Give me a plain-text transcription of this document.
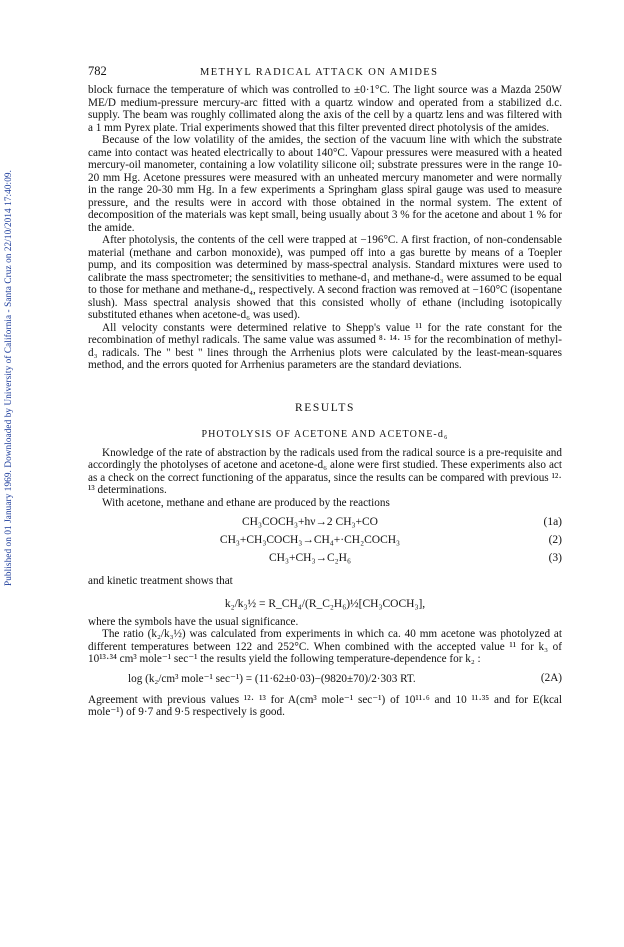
Published on 01 January 1969. Downloaded by University of California - Santa Cruz on 22/10/2014 17:40:09.
782	METHYL RADICAL ATTACK ON AMIDES

block furnace the temperature of which was controlled to ±0·1°C. The light source was a Mazda 250W ME/D medium-pressure mercury-arc fitted with a quartz window and operated from a stabilized d.c. supply. The beam was roughly collimated along the axis of the cell by a quartz lens and was filtered with a 1 mm Pyrex plate. Trial experiments showed that this filter prevented direct photolysis of the amides.

Because of the low volatility of the amides, the section of the vacuum line with which the substrate came into contact was heated electrically to about 140°C. Vapour pressures were measured with a heated mercury-oil manometer, containing a low volatility silicone oil; substrate pressures were in the range 10-20 mm Hg. Acetone pressures were measured with an unheated mercury manometer and were normally in the range 20-30 mm Hg. In a few experiments a Springham glass spiral gauge was used to measure pressure, and the results were in accord with those obtained in the normal system. The extent of decomposition of the materials was kept small, being usually about 3 % for the acetone and about 1 % for the amide.

After photolysis, the contents of the cell were trapped at −196°C. A first fraction, of non-condensable material (methane and carbon monoxide), was pumped off into a gas burette by means of a Toepler pump, and its composition was determined by mass-spectral analysis. Standard mixtures were used to calibrate the mass spectrometer; the sensitivities to methane-d₁ and methane-d₃ were assumed to be equal to those for methane and methane-d₄, respectively. A second fraction was removed at −160°C (isopentane slush). Mass spectral analysis showed that this consisted wholly of ethane (including isotopically substituted ethanes when acetone-d₆ was used).

All velocity constants were determined relative to Shepp's value ¹¹ for the rate constant for the recombination of methyl radicals. The same value was assumed ⁸· ¹⁴· ¹⁵ for the recombination of methyl-d₃ radicals. The " best " lines through the Arrhenius plots were calculated by the least-mean-squares method, and the errors quoted for Arrhenius parameters are the standard deviations.

RESULTS
PHOTOLYSIS OF ACETONE AND ACETONE-d₆

Knowledge of the rate of abstraction by the radicals used from the radical source is a pre-requisite and accordingly the photolyses of acetone and acetone-d₆ alone were first studied. These experiments also act as a check on the correct functioning of the apparatus, since the results can be compared with previous ¹²· ¹³ determinations.

With acetone, methane and ethane are produced by the reactions

CH₃COCH₃+hν→2 CH₃+CO	(1a)
CH₃+CH₃COCH₃→CH₄+·CH₂COCH₃	(2)
CH₃+CH₃→C₂H₆	(3)

and kinetic treatment shows that

k₂/k₃½ = R_CH₄/(R_C₂H₆)½[CH₃COCH₃],

where the symbols have the usual significance.

The ratio (k₂/k₃½) was calculated from experiments in which ca. 40 mm acetone was photolyzed at different temperatures between 122 and 252°C. When combined with the accepted value ¹¹ for k₃ of 10¹³·³⁴ cm³ mole⁻¹ sec⁻¹ the results yield the following temperature-dependence for k₂ :

log (k₂/cm³ mole⁻¹ sec⁻¹) = (11·62±0·03)−(9820±70)/2·303 RT.	(2A)

Agreement with previous values ¹²· ¹³ for A(cm³ mole⁻¹ sec⁻¹) of 10¹¹·⁶ and 10 ¹¹·³⁵ and for E(kcal mole⁻¹) of 9·7 and 9·5 respectively is good.
